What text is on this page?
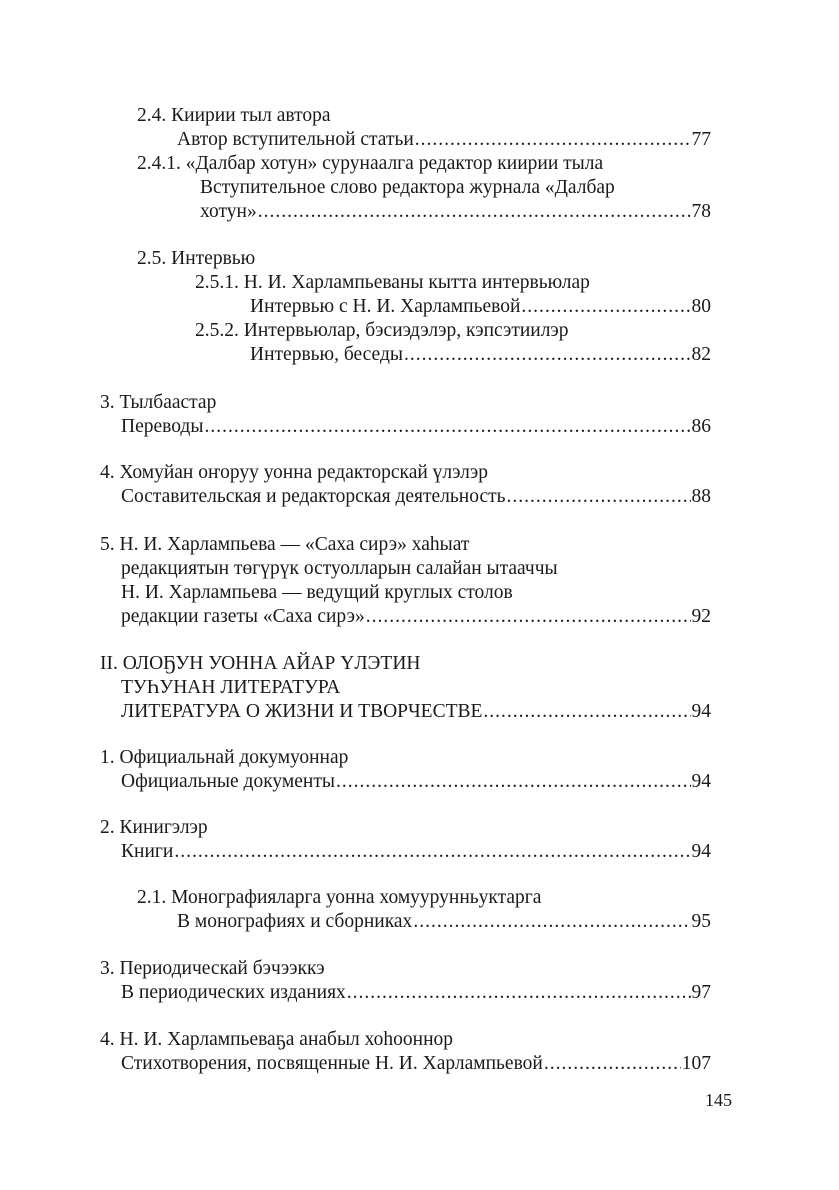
2.4. Киирии тыл автора
Автор вступительной статьи .....	77
2.4.1. «Далбар хотун» сурунаалга редактор киирии тыла
Вступительное слово редактора журнала «Далбар
хотун» .....	78
2.5. Интервью
2.5.1. Н. И. Харлампьеваны кытта интервьюлар
Интервью с Н. И. Харлампьевой .....	80
2.5.2. Интервьюлар, бэсиэдэлэр, кэпсэтиилэр
Интервью, беседы .....	82
3. Тылбаастар
Переводы .....	86
4. Хомуйан оҥоруу уонна редакторскай үлэлэр
Составительская и редакторская деятельность .....	88
5. Н. И. Харлампьева — «Саха сирэ» хаһыат
редакциятын төгүрүк остуолларын салайан ытааччы
Н. И. Харлампьева — ведущий круглых столов
редакции газеты «Саха сирэ» .....	92
II. ОЛОҔУН УОННА АЙАР ҮЛЭТИН
ТУҺУНАН ЛИТЕРАТУРА
ЛИТЕРАТУРА О ЖИЗНИ И ТВОРЧЕСТВЕ .....	94
1. Официальнай докумуоннар
Официальные документы .....	94
2. Кинигэлэр
Книги .....	94
2.1. Монографияларга уонна хомуурунньуктарга
В монографиях и сборниках .....	95
3. Периодическай бэчээккэ
В периодических изданиях .....	97
4. Н. И. Харлампьеваҕа анабыл хоһооннор
Стихотворения, посвященные Н. И. Харлампьевой .....	107
145
